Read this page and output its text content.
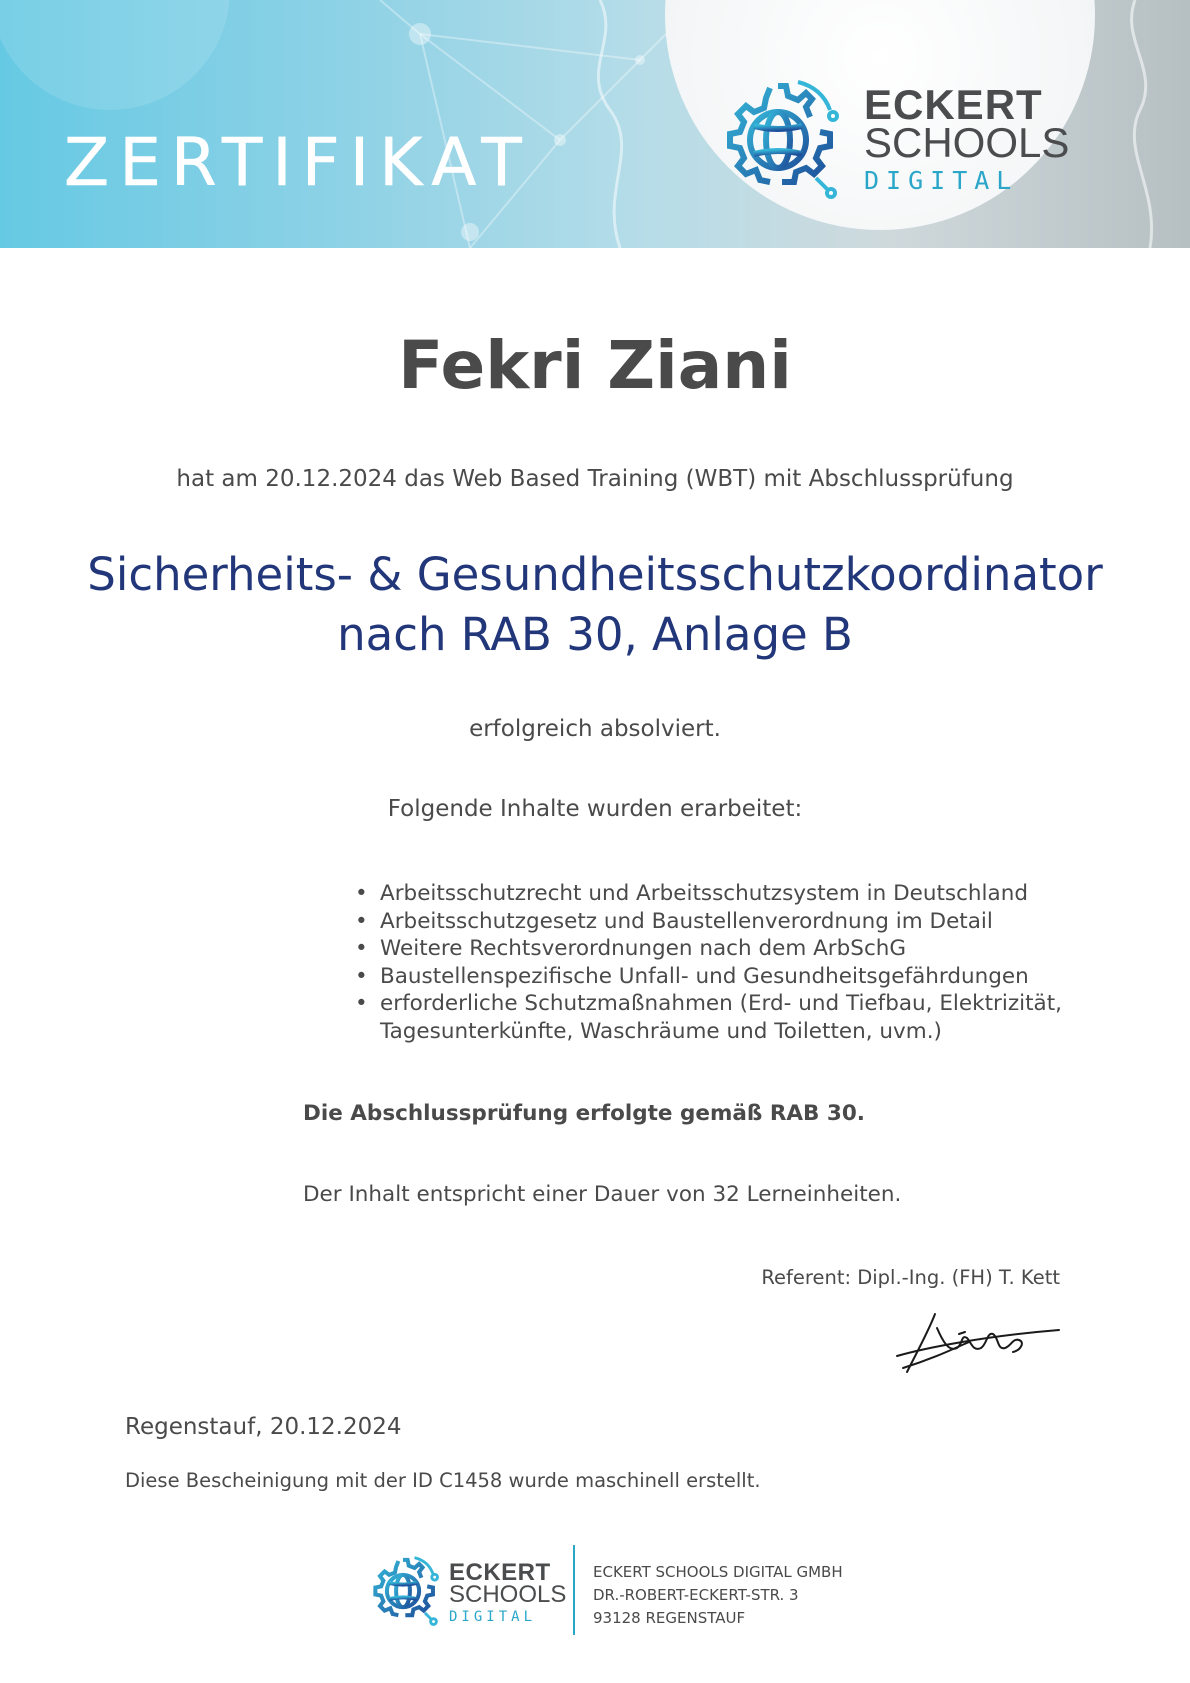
ZERTIFIKAT
ECKERT
SCHOOLS
DIGITAL
Fekri Ziani
hat am 20.12.2024 das Web Based Training (WBT) mit Abschlussprüfung
Sicherheits- & Gesundheitsschutzkoordinator
nach RAB 30, Anlage B
erfolgreich absolviert.
Folgende Inhalte wurden erarbeitet:
• Arbeitsschutzrecht und Arbeitsschutzsystem in Deutschland
• Arbeitsschutzgesetz und Baustellenverordnung im Detail
• Weitere Rechtsverordnungen nach dem ArbSchG
• Baustellenspezifische Unfall- und Gesundheitsgefährdungen
• erforderliche Schutzmaßnahmen (Erd- und Tiefbau, Elektrizität, Tagesunterkünfte, Waschräume und Toiletten, uvm.)
Die Abschlussprüfung erfolgte gemäß RAB 30.
Der Inhalt entspricht einer Dauer von 32 Lerneinheiten.
Referent: Dipl.-Ing. (FH) T. Kett
Regenstauf, 20.12.2024
Diese Bescheinigung mit der ID C1458 wurde maschinell erstellt.
ECKERT
SCHOOLS
DIGITAL
ECKERT SCHOOLS DIGITAL GMBH
DR.-ROBERT-ECKERT-STR. 3
93128 REGENSTAUF
